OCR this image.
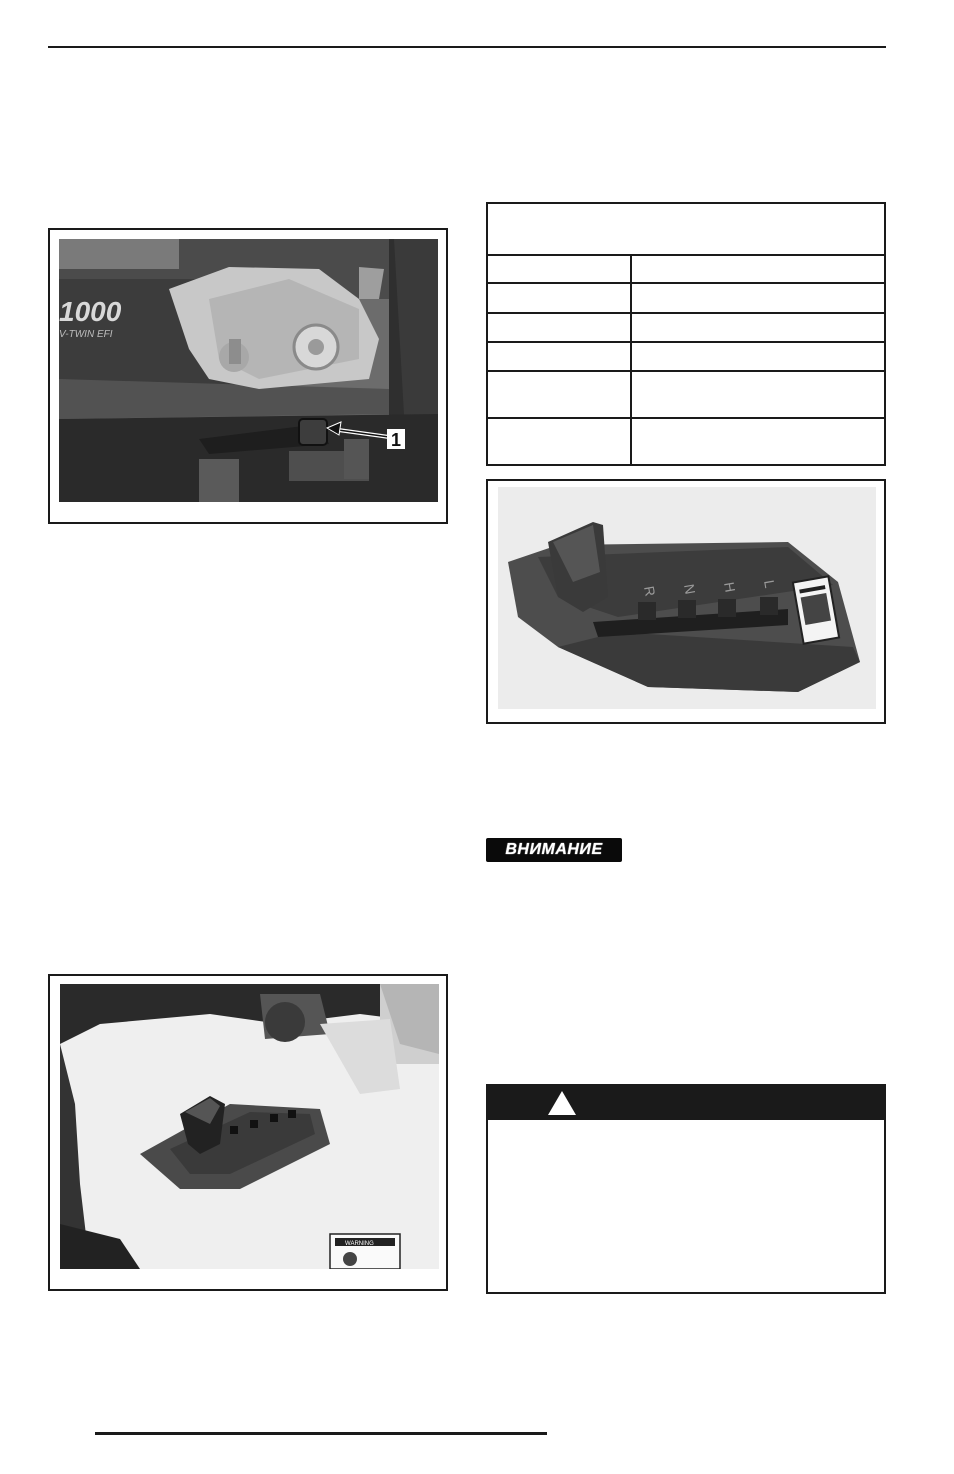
1000
V-TWIN EFI
1
R N H L
ВНИМАНИЕ
WARNING
